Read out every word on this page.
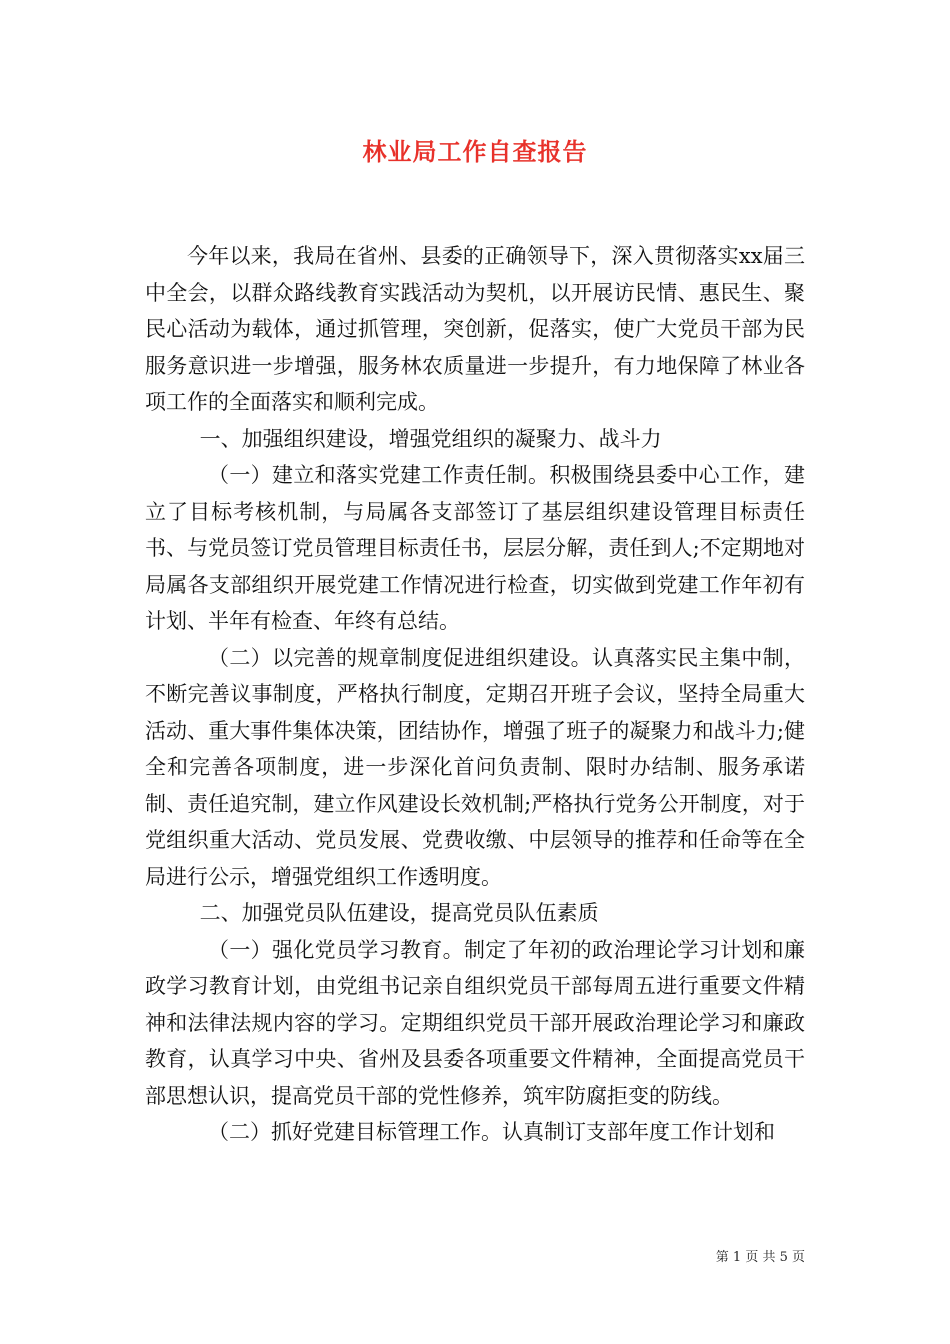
林业局工作自查报告

今年以来，我局在省州、县委的正确领导下，深入贯彻落实xx届三中全会，以群众路线教育实践活动为契机，以开展访民情、惠民生、聚民心活动为载体，通过抓管理，突创新，促落实，使广大党员干部为民服务意识进一步增强，服务林农质量进一步提升，有力地保障了林业各项工作的全面落实和顺利完成。

一、加强组织建设，增强党组织的凝聚力、战斗力

（一）建立和落实党建工作责任制。积极围绕县委中心工作，建立了目标考核机制，与局属各支部签订了基层组织建设管理目标责任书、与党员签订党员管理目标责任书，层层分解，责任到人;不定期地对局属各支部组织开展党建工作情况进行检查，切实做到党建工作年初有计划、半年有检查、年终有总结。

（二）以完善的规章制度促进组织建设。认真落实民主集中制，不断完善议事制度，严格执行制度，定期召开班子会议，坚持全局重大活动、重大事件集体决策，团结协作，增强了班子的凝聚力和战斗力;健全和完善各项制度，进一步深化首问负责制、限时办结制、服务承诺制、责任追究制，建立作风建设长效机制;严格执行党务公开制度，对于党组织重大活动、党员发展、党费收缴、中层领导的推荐和任命等在全局进行公示，增强党组织工作透明度。

二、加强党员队伍建设，提高党员队伍素质

（一）强化党员学习教育。制定了年初的政治理论学习计划和廉政学习教育计划，由党组书记亲自组织党员干部每周五进行重要文件精神和法律法规内容的学习。定期组织党员干部开展政治理论学习和廉政教育，认真学习中央、省州及县委各项重要文件精神，全面提高党员干部思想认识，提高党员干部的党性修养，筑牢防腐拒变的防线。

（二）抓好党建目标管理工作。认真制订支部年度工作计划和

第 1 页 共 5 页
